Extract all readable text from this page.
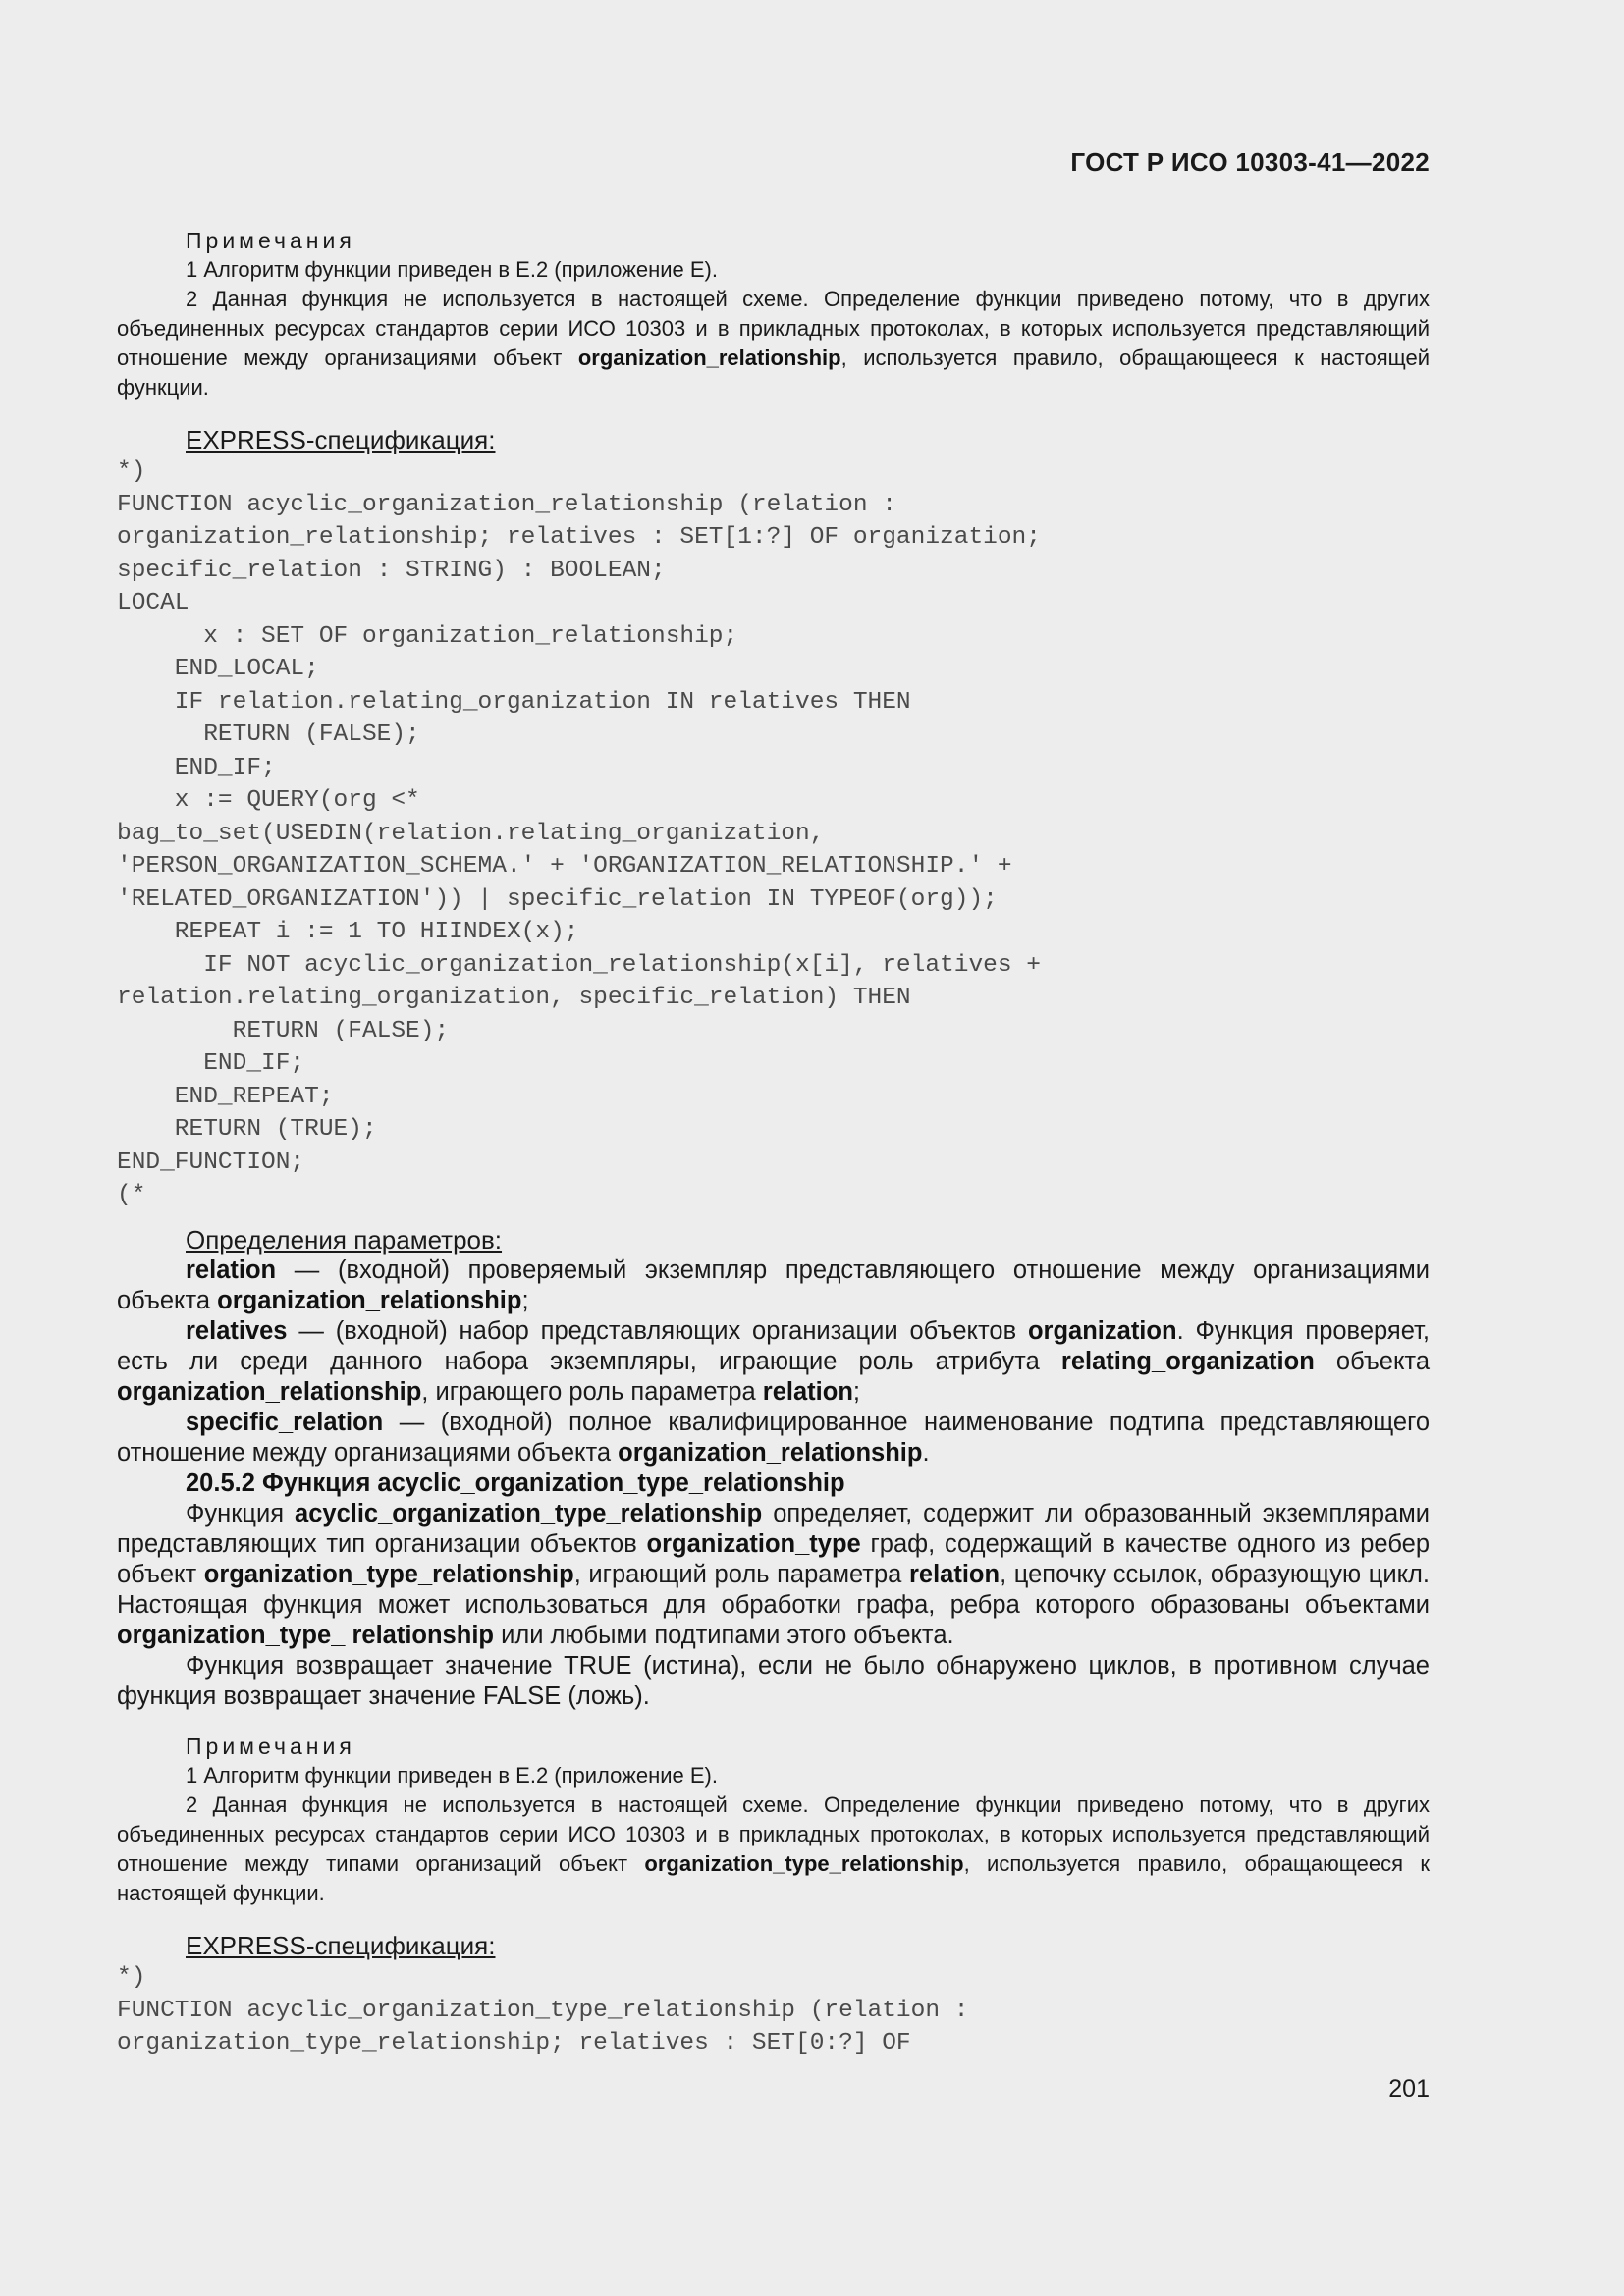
ГОСТ Р ИСО 10303-41—2022
Примечания

1 Алгоритм функции приведен в Е.2 (приложение Е).

2 Данная функция не используется в настоящей схеме. Определение функции приведено потому, что в других объединенных ресурсах стандартов серии ИСО 10303 и в прикладных протоколах, в которых используется представляющий отношение между организациями объект organization_relationship, используется правило, обращающееся к настоящей функции.

EXPRESS-спецификация:
*)
FUNCTION acyclic_organization_relationship (relation :
organization_relationship; relatives : SET[1:?] OF organization;
specific_relation : STRING) : BOOLEAN;
LOCAL
x : SET OF organization_relationship;
END_LOCAL;
IF relation.relating_organization IN relatives THEN
RETURN (FALSE);
END_IF;
x := QUERY(org <*
bag_to_set(USEDIN(relation.relating_organization,
'PERSON_ORGANIZATION_SCHEMA.' + 'ORGANIZATION_RELATIONSHIP.' +
'RELATED_ORGANIZATION')) | specific_relation IN TYPEOF(org));
REPEAT i := 1 TO HIINDEX(x);
IF NOT acyclic_organization_relationship(x[i], relatives +
relation.relating_organization, specific_relation) THEN
RETURN (FALSE);
END_IF;
END_REPEAT;
RETURN (TRUE);
END_FUNCTION;
(*
Определения параметров:

relation — (входной) проверяемый экземпляр представляющего отношение между организациями объекта organization_relationship;

relatives — (входной) набор представляющих организации объектов organization. Функция проверяет, есть ли среди данного набора экземпляры, играющие роль атрибута relating_organization объекта organization_relationship, играющего роль параметра relation;

specific_relation — (входной) полное квалифицированное наименование подтипа представляющего отношение между организациями объекта organization_relationship.

20.5.2 Функция acyclic_organization_type_relationship

Функция acyclic_organization_type_relationship определяет, содержит ли образованный экземплярами представляющих тип организации объектов organization_type граф, содержащий в качестве одного из ребер объект organization_type_relationship, играющий роль параметра relation, цепочку ссылок, образующую цикл. Настоящая функция может использоваться для обработки графа, ребра которого образованы объектами organization_type_ relationship или любыми подтипами этого объекта.

Функция возвращает значение TRUE (истина), если не было обнаружено циклов, в противном случае функция возвращает значение FALSE (ложь).

Примечания

1 Алгоритм функции приведен в Е.2 (приложение Е).

2 Данная функция не используется в настоящей схеме. Определение функции приведено потому, что в других объединенных ресурсах стандартов серии ИСО 10303 и в прикладных протоколах, в которых используется представляющий отношение между типами организаций объект organization_type_relationship, используется правило, обращающееся к настоящей функции.

EXPRESS-спецификация:
*)
FUNCTION acyclic_organization_type_relationship (relation :
organization_type_relationship; relatives : SET[0:?] OF
201
